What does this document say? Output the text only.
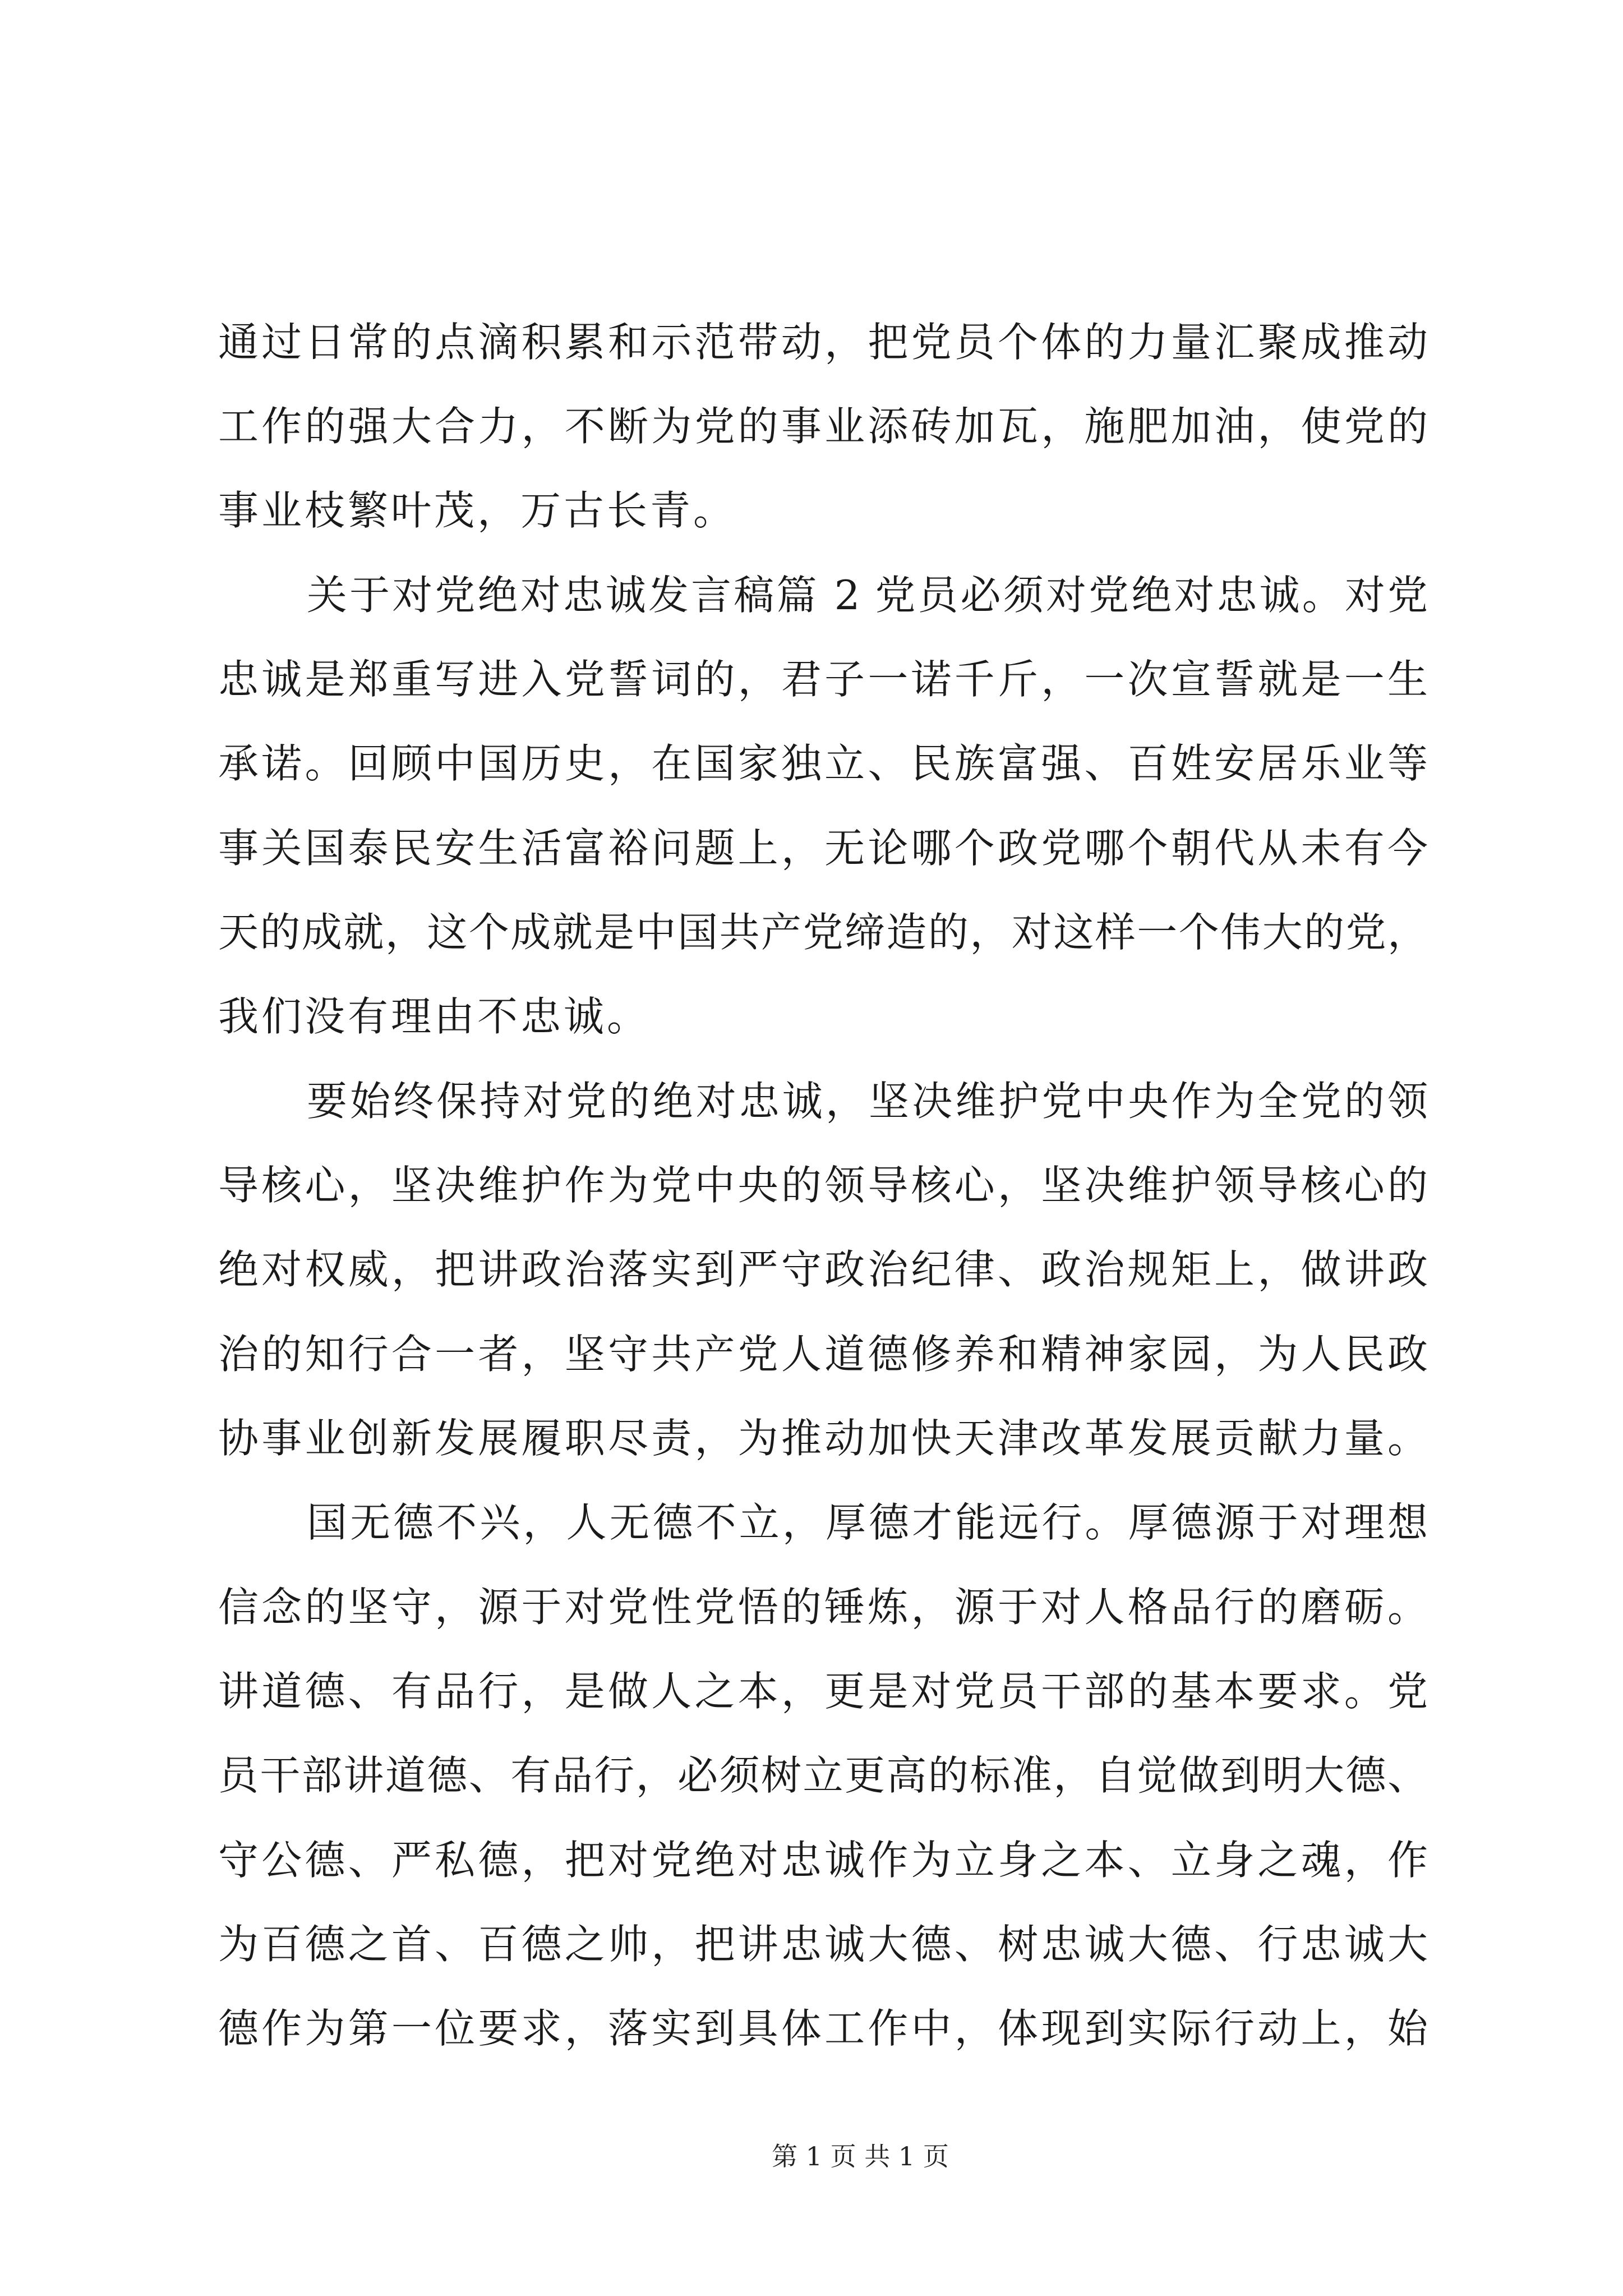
通过日常的点滴积累和示范带动，把党员个体的力量汇聚成推动
工作的强大合力，不断为党的事业添砖加瓦，施肥加油，使党的
事业枝繁叶茂，万古长青。
关于对党绝对忠诚发言稿篇 2 党员必须对党绝对忠诚。对党
忠诚是郑重写进入党誓词的，君子一诺千斤，一次宣誓就是一生
承诺。回顾中国历史，在国家独立、民族富强、百姓安居乐业等
事关国泰民安生活富裕问题上，无论哪个政党哪个朝代从未有今
天的成就，这个成就是中国共产党缔造的，对这样一个伟大的党，
我们没有理由不忠诚。
要始终保持对党的绝对忠诚，坚决维护党中央作为全党的领
导核心，坚决维护作为党中央的领导核心，坚决维护领导核心的
绝对权威，把讲政治落实到严守政治纪律、政治规矩上，做讲政
治的知行合一者，坚守共产党人道德修养和精神家园，为人民政
协事业创新发展履职尽责，为推动加快天津改革发展贡献力量。
国无德不兴，人无德不立，厚德才能远行。厚德源于对理想
信念的坚守，源于对党性党悟的锤炼，源于对人格品行的磨砺。
讲道德、有品行，是做人之本，更是对党员干部的基本要求。党
员干部讲道德、有品行，必须树立更高的标准，自觉做到明大德、
守公德、严私德，把对党绝对忠诚作为立身之本、立身之魂，作
为百德之首、百德之帅，把讲忠诚大德、树忠诚大德、行忠诚大
德作为第一位要求，落实到具体工作中，体现到实际行动上，始
第 1 页 共 1 页
